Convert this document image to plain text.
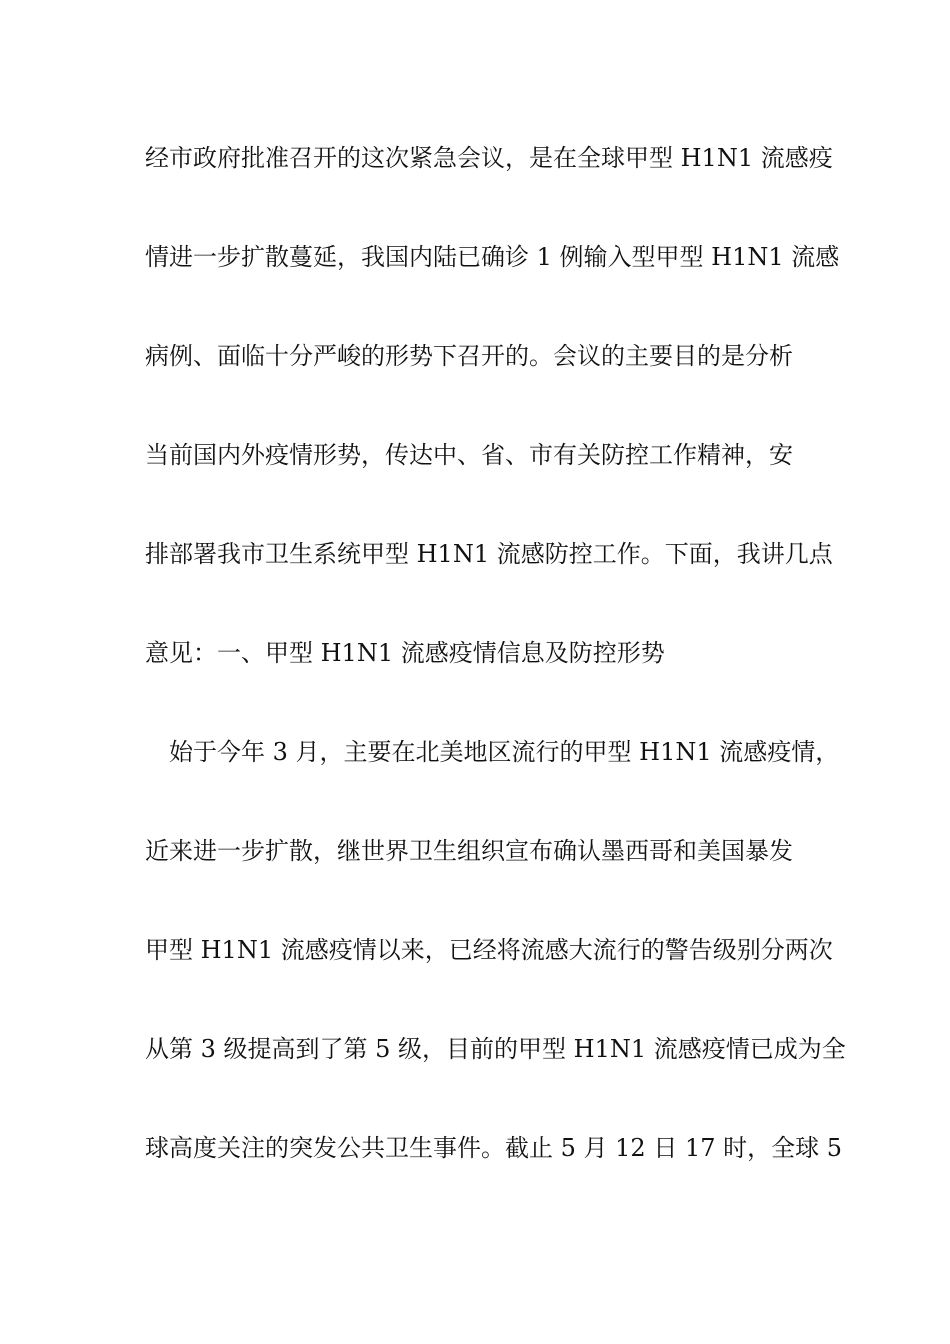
经市政府批准召开的这次紧急会议，是在全球甲型 H1N1 流感疫
情进一步扩散蔓延，我国内陆已确诊 1 例输入型甲型 H1N1 流感
病例、面临十分严峻的形势下召开的。会议的主要目的是分析
当前国内外疫情形势，传达中、省、市有关防控工作精神，安
排部署我市卫生系统甲型 H1N1 流感防控工作。下面，我讲几点
意见：一、甲型 H1N1 流感疫情信息及防控形势
始于今年 3 月，主要在北美地区流行的甲型 H1N1 流感疫情，
近来进一步扩散，继世界卫生组织宣布确认墨西哥和美国暴发
甲型 H1N1 流感疫情以来，已经将流感大流行的警告级别分两次
从第 3 级提高到了第 5 级，目前的甲型 H1N1 流感疫情已成为全
球高度关注的突发公共卫生事件。截止 5 月 12 日 17 时，全球 5
